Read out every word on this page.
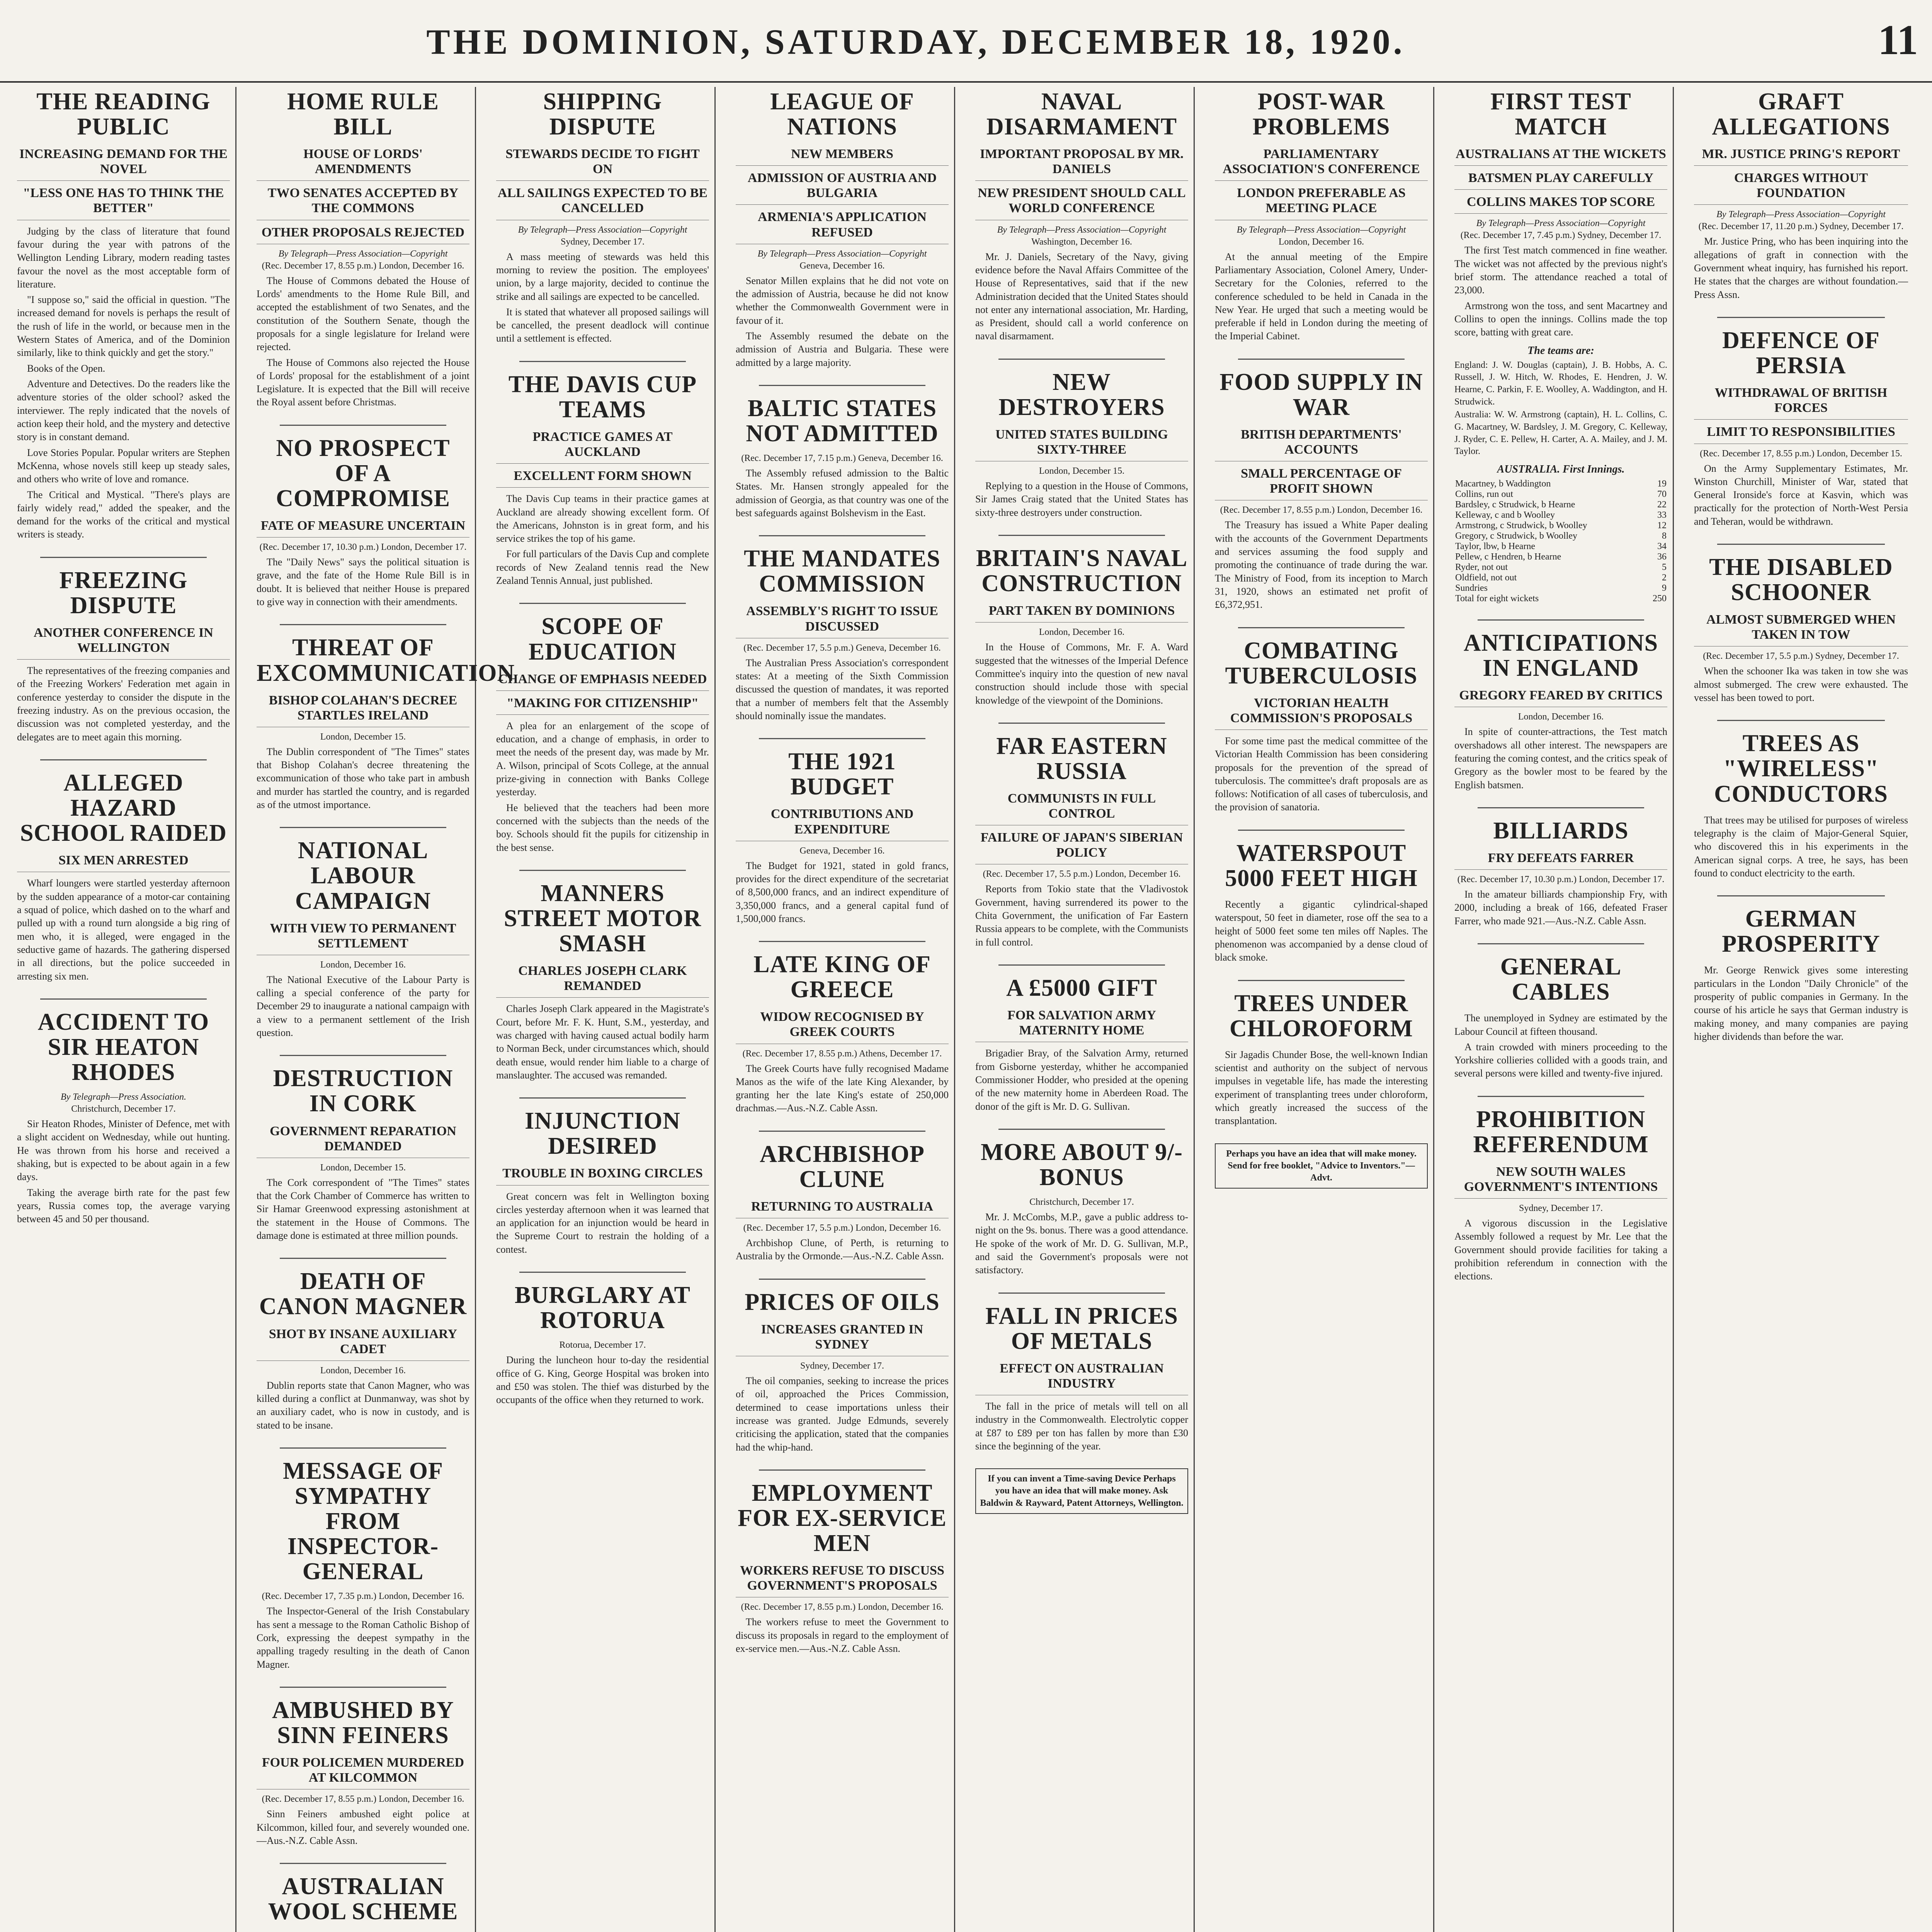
THE DOMINION, SATURDAY, DECEMBER 18, 1920.	11
THE READING PUBLIC
INCREASING DEMAND FOR THE NOVEL
"LESS ONE HAS TO THINK THE BETTER"

Judging by the class of literature that found favour during the year with patrons of the Wellington Lending Library, modern reading tastes favour the novel as the most acceptable form of literature.

"I suppose so," said the official in question. "The increased demand for novels is perhaps the result of the rush of life in the world, or because men in the Western States of America, and of the Dominion similarly, like to think quickly and get the story."

Books of the Open.

Adventure and Detectives. Do the readers like the adventure stories of the older school? asked the interviewer. The reply indicated that the novels of action keep their hold, and the mystery and detective story is in constant demand.

Love Stories Popular. Popular writers are Stephen McKenna, whose novels still keep up steady sales, and others who write of love and romance.

The Critical and Mystical. "There's plays are fairly widely read," added the speaker, and the demand for the works of the critical and mystical writers is steady.

FREEZING DISPUTE
ANOTHER CONFERENCE IN WELLINGTON

The representatives of the freezing companies and of the Freezing Workers' Federation met again in conference yesterday to consider the dispute in the freezing industry. As on the previous occasion, the discussion was not completed yesterday, and the delegates are to meet again this morning.

ALLEGED HAZARD SCHOOL RAIDED
SIX MEN ARRESTED

Wharf loungers were startled yesterday afternoon by the sudden appearance of a motor-car containing a squad of police, which dashed on to the wharf and pulled up with a round turn alongside a big ring of men who, it is alleged, were engaged in the seductive game of hazards. The gathering dispersed in all directions, but the police succeeded in arresting six men.

ACCIDENT TO SIR HEATON RHODES
By Telegraph—Press Association.
Christchurch, December 17.

Sir Heaton Rhodes, Minister of Defence, met with a slight accident on Wednesday, while out hunting. He was thrown from his horse and received a shaking, but is expected to be about again in a few days.

Taking the average birth rate for the past few years, Russia comes top, the average varying between 45 and 50 per thousand.

HOME RULE BILL
HOUSE OF LORDS' AMENDMENTS
TWO SENATES ACCEPTED BY THE COMMONS
OTHER PROPOSALS REJECTED
By Telegraph—Press Association—Copyright
(Rec. December 17, 8.55 p.m.) London, December 16.

The House of Commons debated the House of Lords' amendments to the Home Rule Bill, and accepted the establishment of two Senates, and the constitution of the Southern Senate, though the proposals for a single legislature for Ireland were rejected.

The House of Commons also rejected the House of Lords' proposal for the establishment of a joint Legislature. It is expected that the Bill will receive the Royal assent before Christmas.

NO PROSPECT OF A COMPROMISE
FATE OF MEASURE UNCERTAIN
(Rec. December 17, 10.30 p.m.) London, December 17.

The "Daily News" says the political situation is grave, and the fate of the Home Rule Bill is in doubt. It is believed that neither House is prepared to give way in connection with their amendments.

THREAT OF EXCOMMUNICATION
BISHOP COLAHAN'S DECREE STARTLES IRELAND
London, December 15.

The Dublin correspondent of "The Times" states that Bishop Colahan's decree threatening the excommunication of those who take part in ambush and murder has startled the country, and is regarded as of the utmost importance.

NATIONAL LABOUR CAMPAIGN
WITH VIEW TO PERMANENT SETTLEMENT
London, December 16.

The National Executive of the Labour Party is calling a special conference of the party for December 29 to inaugurate a national campaign with a view to a permanent settlement of the Irish question.

DESTRUCTION IN CORK
GOVERNMENT REPARATION DEMANDED
London, December 15.

The Cork correspondent of "The Times" states that the Cork Chamber of Commerce has written to Sir Hamar Greenwood expressing astonishment at the statement in the House of Commons. The damage done is estimated at three million pounds.

DEATH OF CANON MAGNER
SHOT BY INSANE AUXILIARY CADET
London, December 16.

Dublin reports state that Canon Magner, who was killed during a conflict at Dunmanway, was shot by an auxiliary cadet, who is now in custody, and is stated to be insane.

MESSAGE OF SYMPATHY FROM INSPECTOR-GENERAL
(Rec. December 17, 7.35 p.m.) London, December 16.

The Inspector-General of the Irish Constabulary has sent a message to the Roman Catholic Bishop of Cork, expressing the deepest sympathy in the appalling tragedy resulting in the death of Canon Magner.

AMBUSHED BY SINN FEINERS
FOUR POLICEMEN MURDERED AT KILCOMMON
(Rec. December 17, 8.55 p.m.) London, December 16.

Sinn Feiners ambushed eight police at Kilcommon, killed four, and severely wounded one.—Aus.-N.Z. Cable Assn.

AUSTRALIAN WOOL SCHEME

SHIPPING DISPUTE
STEWARDS DECIDE TO FIGHT ON
ALL SAILINGS EXPECTED TO BE CANCELLED
By Telegraph—Press Association—Copyright
Sydney, December 17.

A mass meeting of stewards was held this morning to review the position. The employees' union, by a large majority, decided to continue the strike and all sailings are expected to be cancelled.

It is stated that whatever all proposed sailings will be cancelled, the present deadlock will continue until a settlement is effected.

THE DAVIS CUP TEAMS
PRACTICE GAMES AT AUCKLAND
EXCELLENT FORM SHOWN

The Davis Cup teams in their practice games at Auckland are already showing excellent form. Of the Americans, Johnston is in great form, and his service strikes the top of his game.

For full particulars of the Davis Cup and complete records of New Zealand tennis read the New Zealand Tennis Annual, just published.

SCOPE OF EDUCATION
CHANGE OF EMPHASIS NEEDED
"MAKING FOR CITIZENSHIP"

A plea for an enlargement of the scope of education, and a change of emphasis, in order to meet the needs of the present day, was made by Mr. A. Wilson, principal of Scots College, at the annual prize-giving in connection with Banks College yesterday.

He believed that the teachers had been more concerned with the subjects than the needs of the boy. Schools should fit the pupils for citizenship in the best sense.

MANNERS STREET MOTOR SMASH
CHARLES JOSEPH CLARK REMANDED

Charles Joseph Clark appeared in the Magistrate's Court, before Mr. F. K. Hunt, S.M., yesterday, and was charged with having caused actual bodily harm to Norman Beck, under circumstances which, should death ensue, would render him liable to a charge of manslaughter. The accused was remanded.

INJUNCTION DESIRED
TROUBLE IN BOXING CIRCLES

Great concern was felt in Wellington boxing circles yesterday afternoon when it was learned that an application for an injunction would be heard in the Supreme Court to restrain the holding of a contest.

BURGLARY AT ROTORUA
Rotorua, December 17.

During the luncheon hour to-day the residential office of G. King, George Hospital was broken into and £50 was stolen. The thief was disturbed by the occupants of the office when they returned to work.

LEAGUE OF NATIONS
NEW MEMBERS
ADMISSION OF AUSTRIA AND BULGARIA
ARMENIA'S APPLICATION REFUSED
By Telegraph—Press Association—Copyright
Geneva, December 16.

Senator Millen explains that he did not vote on the admission of Austria, because he did not know whether the Commonwealth Government were in favour of it.

The Assembly resumed the debate on the admission of Austria and Bulgaria. These were admitted by a large majority.

BALTIC STATES NOT ADMITTED
(Rec. December 17, 7.15 p.m.) Geneva, December 16.

The Assembly refused admission to the Baltic States. Mr. Hansen strongly appealed for the admission of Georgia, as that country was one of the best safeguards against Bolshevism in the East.

THE MANDATES COMMISSION
ASSEMBLY'S RIGHT TO ISSUE DISCUSSED
(Rec. December 17, 5.5 p.m.) Geneva, December 16.

The Australian Press Association's correspondent states: At a meeting of the Sixth Commission discussed the question of mandates, it was reported that a number of members felt that the Assembly should nominally issue the mandates.

THE 1921 BUDGET
CONTRIBUTIONS AND EXPENDITURE
Geneva, December 16.

The Budget for 1921, stated in gold francs, provides for the direct expenditure of the secretariat of 8,500,000 francs, and an indirect expenditure of 3,350,000 francs, and a general capital fund of 1,500,000 francs.

LATE KING OF GREECE
WIDOW RECOGNISED BY GREEK COURTS
(Rec. December 17, 8.55 p.m.) Athens, December 17.

The Greek Courts have fully recognised Madame Manos as the wife of the late King Alexander, by granting her the late King's estate of 250,000 drachmas.—Aus.-N.Z. Cable Assn.

ARCHBISHOP CLUNE
RETURNING TO AUSTRALIA
(Rec. December 17, 5.5 p.m.) London, December 16.

Archbishop Clune, of Perth, is returning to Australia by the Ormonde.—Aus.-N.Z. Cable Assn.

PRICES OF OILS
INCREASES GRANTED IN SYDNEY
Sydney, December 17.

The oil companies, seeking to increase the prices of oil, approached the Prices Commission, determined to cease importations unless their increase was granted. Judge Edmunds, severely criticising the application, stated that the companies had the whip-hand.

EMPLOYMENT FOR EX-SERVICE MEN
WORKERS REFUSE TO DISCUSS GOVERNMENT'S PROPOSALS
(Rec. December 17, 8.55 p.m.) London, December 16.

The workers refuse to meet the Government to discuss its proposals in regard to the employment of ex-service men.—Aus.-N.Z. Cable Assn.

NAVAL DISARMAMENT
IMPORTANT PROPOSAL BY MR. DANIELS
NEW PRESIDENT SHOULD CALL WORLD CONFERENCE
By Telegraph—Press Association—Copyright
Washington, December 16.

Mr. J. Daniels, Secretary of the Navy, giving evidence before the Naval Affairs Committee of the House of Representatives, said that if the new Administration decided that the United States should not enter any international association, Mr. Harding, as President, should call a world conference on naval disarmament.

NEW DESTROYERS
UNITED STATES BUILDING SIXTY-THREE
London, December 15.

Replying to a question in the House of Commons, Sir James Craig stated that the United States has sixty-three destroyers under construction.

BRITAIN'S NAVAL CONSTRUCTION
PART TAKEN BY DOMINIONS
London, December 16.

In the House of Commons, Mr. F. A. Ward suggested that the witnesses of the Imperial Defence Committee's inquiry into the question of new naval construction should include those with special knowledge of the viewpoint of the Dominions.

FAR EASTERN RUSSIA
COMMUNISTS IN FULL CONTROL
FAILURE OF JAPAN'S SIBERIAN POLICY
(Rec. December 17, 5.5 p.m.) London, December 16.

Reports from Tokio state that the Vladivostok Government, having surrendered its power to the Chita Government, the unification of Far Eastern Russia appears to be complete, with the Communists in full control.

A £5000 GIFT
FOR SALVATION ARMY MATERNITY HOME

Brigadier Bray, of the Salvation Army, returned from Gisborne yesterday, whither he accompanied Commissioner Hodder, who presided at the opening of the new maternity home in Aberdeen Road. The donor of the gift is Mr. D. G. Sullivan.

MORE ABOUT 9/- BONUS
Christchurch, December 17.

Mr. J. McCombs, M.P., gave a public address to-night on the 9s. bonus. There was a good attendance. He spoke of the work of Mr. D. G. Sullivan, M.P., and said the Government's proposals were not satisfactory.

FALL IN PRICES OF METALS
EFFECT ON AUSTRALIAN INDUSTRY

The fall in the price of metals will tell on all industry in the Commonwealth. Electrolytic copper at £87 to £89 per ton has fallen by more than £30 since the beginning of the year.

If you can invent a Time-saving Device Perhaps you have an idea that will make money. Ask Baldwin & Rayward, Patent Attorneys, Wellington.
POST-WAR PROBLEMS
PARLIAMENTARY ASSOCIATION'S CONFERENCE
LONDON PREFERABLE AS MEETING PLACE
By Telegraph—Press Association—Copyright
London, December 16.

At the annual meeting of the Empire Parliamentary Association, Colonel Amery, Under-Secretary for the Colonies, referred to the conference scheduled to be held in Canada in the New Year. He urged that such a meeting would be preferable if held in London during the meeting of the Imperial Cabinet.

FOOD SUPPLY IN WAR
BRITISH DEPARTMENTS' ACCOUNTS
SMALL PERCENTAGE OF PROFIT SHOWN
(Rec. December 17, 8.55 p.m.) London, December 16.

The Treasury has issued a White Paper dealing with the accounts of the Government Departments and services assuming the food supply and promoting the continuance of trade during the war. The Ministry of Food, from its inception to March 31, 1920, shows an estimated net profit of £6,372,951.

COMBATING TUBERCULOSIS
VICTORIAN HEALTH COMMISSION'S PROPOSALS

For some time past the medical committee of the Victorian Health Commission has been considering proposals for the prevention of the spread of tuberculosis. The committee's draft proposals are as follows: Notification of all cases of tuberculosis, and the provision of sanatoria.

WATERSPOUT 5000 FEET HIGH

Recently a gigantic cylindrical-shaped waterspout, 50 feet in diameter, rose off the sea to a height of 5000 feet some ten miles off Naples. The phenomenon was accompanied by a dense cloud of black smoke.

TREES UNDER CHLOROFORM

Sir Jagadis Chunder Bose, the well-known Indian scientist and authority on the subject of nervous impulses in vegetable life, has made the interesting experiment of transplanting trees under chloroform, which greatly increased the success of the transplantation.

Perhaps you have an idea that will make money. Send for free booklet, "Advice to Inventors."—Advt.
FIRST TEST MATCH
AUSTRALIANS AT THE WICKETS
BATSMEN PLAY CAREFULLY
COLLINS MAKES TOP SCORE
By Telegraph—Press Association—Copyright
(Rec. December 17, 7.45 p.m.) Sydney, December 17.

The first Test match commenced in fine weather. The wicket was not affected by the previous night's brief storm. The attendance reached a total of 23,000.

Armstrong won the toss, and sent Macartney and Collins to open the innings. Collins made the top score, batting with great care.

The teams are:

England: J. W. Douglas (captain), J. B. Hobbs, A. C. Russell, J. W. Hitch, W. Rhodes, E. Hendren, J. W. Hearne, C. Parkin, F. E. Woolley, A. Waddington, and H. Strudwick.

Australia: W. W. Armstrong (captain), H. L. Collins, C. G. Macartney, W. Bardsley, J. M. Gregory, C. Kelleway, J. Ryder, C. E. Pellew, H. Carter, A. A. Mailey, and J. M. Taylor.

AUSTRALIA. First Innings.
Macartney, b Waddington	19
Collins, run out	70
Bardsley, c Strudwick, b Hearne	22
Kelleway, c and b Woolley	33
Armstrong, c Strudwick, b Woolley	12
Gregory, c Strudwick, b Woolley	8
Taylor, lbw, b Hearne	34
Pellew, c Hendren, b Hearne	36
Ryder, not out	5
Oldfield, not out	2
Sundries	9
Total for eight wickets	250
ANTICIPATIONS IN ENGLAND
GREGORY FEARED BY CRITICS
London, December 16.

In spite of counter-attractions, the Test match overshadows all other interest. The newspapers are featuring the coming contest, and the critics speak of Gregory as the bowler most to be feared by the English batsmen.

BILLIARDS
FRY DEFEATS FARRER
(Rec. December 17, 10.30 p.m.) London, December 17.

In the amateur billiards championship Fry, with 2000, including a break of 166, defeated Fraser Farrer, who made 921.—Aus.-N.Z. Cable Assn.

GENERAL CABLES

The unemployed in Sydney are estimated by the Labour Council at fifteen thousand.

A train crowded with miners proceeding to the Yorkshire collieries collided with a goods train, and several persons were killed and twenty-five injured.

PROHIBITION REFERENDUM
NEW SOUTH WALES GOVERNMENT'S INTENTIONS
Sydney, December 17.

A vigorous discussion in the Legislative Assembly followed a request by Mr. Lee that the Government should provide facilities for taking a prohibition referendum in connection with the elections.

GRAFT ALLEGATIONS
MR. JUSTICE PRING'S REPORT
CHARGES WITHOUT FOUNDATION
By Telegraph—Press Association—Copyright
(Rec. December 17, 11.20 p.m.) Sydney, December 17.

Mr. Justice Pring, who has been inquiring into the allegations of graft in connection with the Government wheat inquiry, has furnished his report. He states that the charges are without foundation.—Press Assn.

DEFENCE OF PERSIA
WITHDRAWAL OF BRITISH FORCES
LIMIT TO RESPONSIBILITIES
(Rec. December 17, 8.55 p.m.) London, December 15.

On the Army Supplementary Estimates, Mr. Winston Churchill, Minister of War, stated that General Ironside's force at Kasvin, which was practically for the protection of North-West Persia and Teheran, would be withdrawn.

THE DISABLED SCHOONER
ALMOST SUBMERGED WHEN TAKEN IN TOW
(Rec. December 17, 5.5 p.m.) Sydney, December 17.

When the schooner Ika was taken in tow she was almost submerged. The crew were exhausted. The vessel has been towed to port.

TREES AS "WIRELESS" CONDUCTORS

That trees may be utilised for purposes of wireless telegraphy is the claim of Major-General Squier, who discovered this in his experiments in the American signal corps. A tree, he says, has been found to conduct electricity to the earth.

GERMAN PROSPERITY

Mr. George Renwick gives some interesting particulars in the London "Daily Chronicle" of the prosperity of public companies in Germany. In the course of his article he says that German industry is making money, and many companies are paying higher dividends than before the war.
